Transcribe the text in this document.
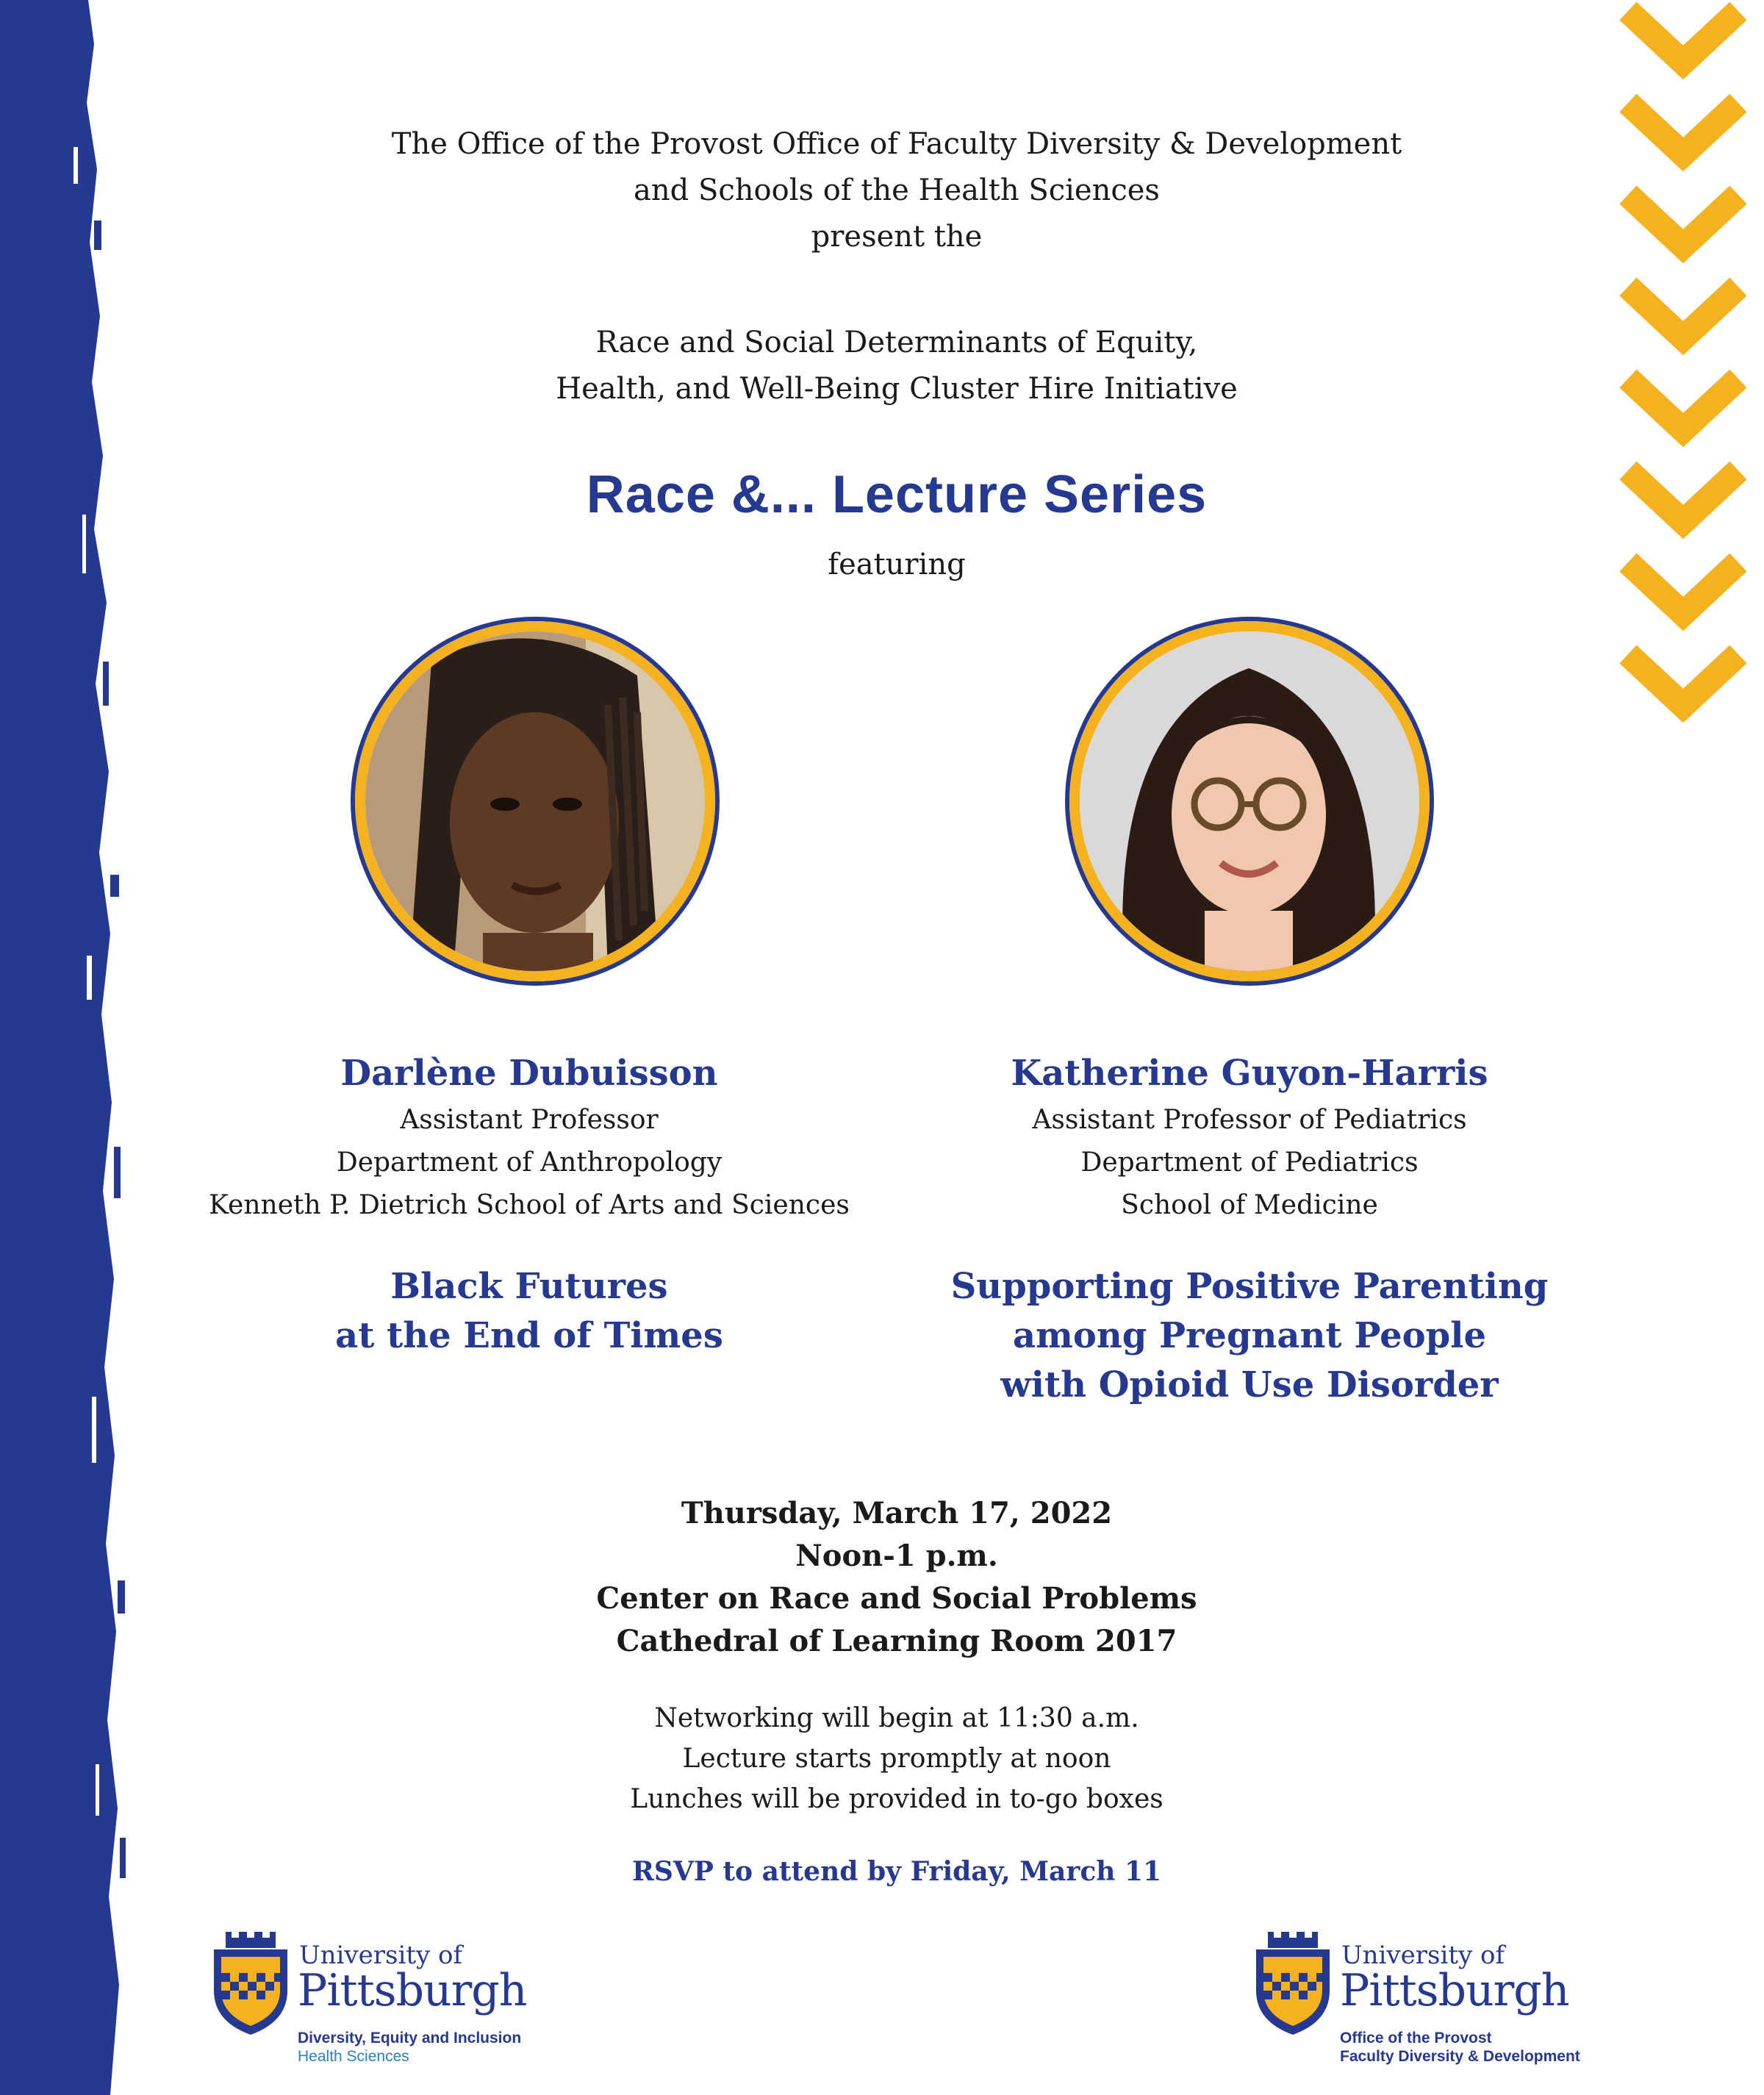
The Office of the Provost Office of Faculty Diversity & Development
and Schools of the Health Sciences
present the
Race and Social Determinants of Equity,
Health, and Well-Being Cluster Hire Initiative
Race &... Lecture Series
featuring
Darlène Dubuisson
Assistant Professor
Department of Anthropology
Kenneth P. Dietrich School of Arts and Sciences
Black Futures
at the End of Times
Katherine Guyon-Harris
Assistant Professor of Pediatrics
Department of Pediatrics
School of Medicine
Supporting Positive Parenting
among Pregnant People
with Opioid Use Disorder
Thursday, March 17, 2022
Noon-1 p.m.
Center on Race and Social Problems
Cathedral of Learning Room 2017
Networking will begin at 11:30 a.m.
Lecture starts promptly at noon
Lunches will be provided in to-go boxes
RSVP to attend by Friday, March 11
University of
Pittsburgh
Diversity, Equity and Inclusion
Health Sciences
University of
Pittsburgh
Office of the Provost
Faculty Diversity & Development
